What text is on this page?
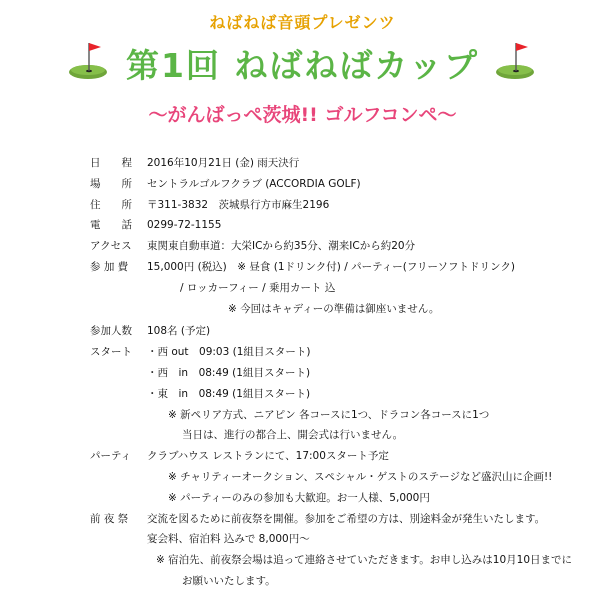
ねばねば音頭プレゼンツ
第1回 ねばねばカップ
〜がんばっぺ茨城!! ゴルフコンペ〜
日　　程	2016年10月21日 (金) 雨天決行
場　　所	セントラルゴルフクラブ (ACCORDIA GOLF)
住　　所	〒311-3832　茨城県行方市麻生2196
電　　話	0299-72-1155
アクセス	東関東自動車道：大栄ICから約35分、潮来ICから約20分
参 加 費	15,000円 (税込)　※ 昼食 (1ドリンク付) / パーティー(フリーソフトドリンク)
/ ロッカーフィー / 乗用カート 込
※ 今回はキャディーの準備は御座いません。
参加人数	108名 (予定)
スタート	・西 out　09:03 (1組目スタート)
・西　in　08:49 (1組目スタート)
・東　in　08:49 (1組目スタート)
※ 新ペリア方式、ニアピン 各コースに1つ、ドラコン各コースに1つ
当日は、進行の都合上、開会式は行いません。
パーティ	クラブハウス レストランにて、17:00スタート予定
※ チャリティーオークション、スペシャル・ゲストのステージなど盛沢山に企画!!
※ パーティーのみの参加も大歓迎。お一人様、5,000円
前 夜 祭	交流を図るために前夜祭を開催。参加をご希望の方は、別途料金が発生いたします。
宴会料、宿泊料 込みで 8,000円〜
※ 宿泊先、前夜祭会場は追って連絡させていただきます。お申し込みは10月10日までに
お願いいたします。
